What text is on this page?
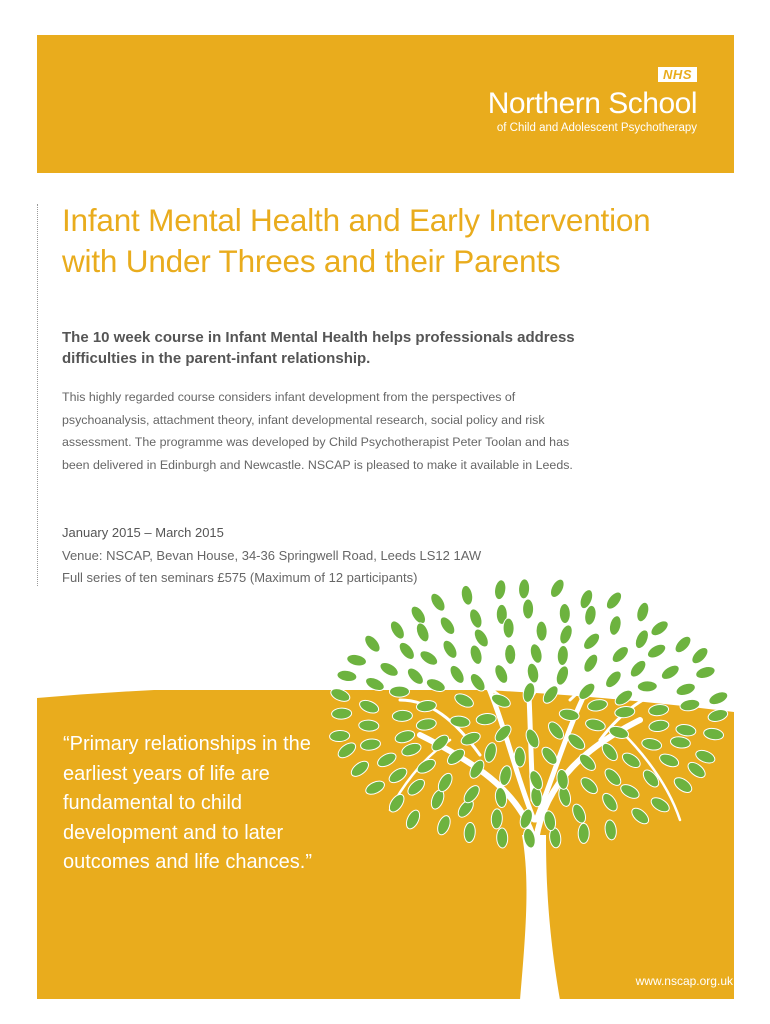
NHS
Northern School
of Child and Adolescent Psychotherapy
Infant Mental Health and Early Intervention with Under Threes and their Parents

The 10 week course in Infant Mental Health helps professionals address difficulties in the parent-infant relationship.

This highly regarded course considers infant development from the perspectives of psychoanalysis, attachment theory, infant developmental research, social policy and risk assessment. The programme was developed by Child Psychotherapist Peter Toolan and has been delivered in Edinburgh and Newcastle. NSCAP is pleased to make it available in Leeds.

January 2015 – March 2015
Venue: NSCAP, Bevan House, 34-36 Springwell Road, Leeds LS12 1AW
Full series of ten seminars £575 (Maximum of 12 participants)

“Primary relationships in the earliest years of life are fundamental to child development and to later outcomes and life chances.”

www.nscap.org.uk
